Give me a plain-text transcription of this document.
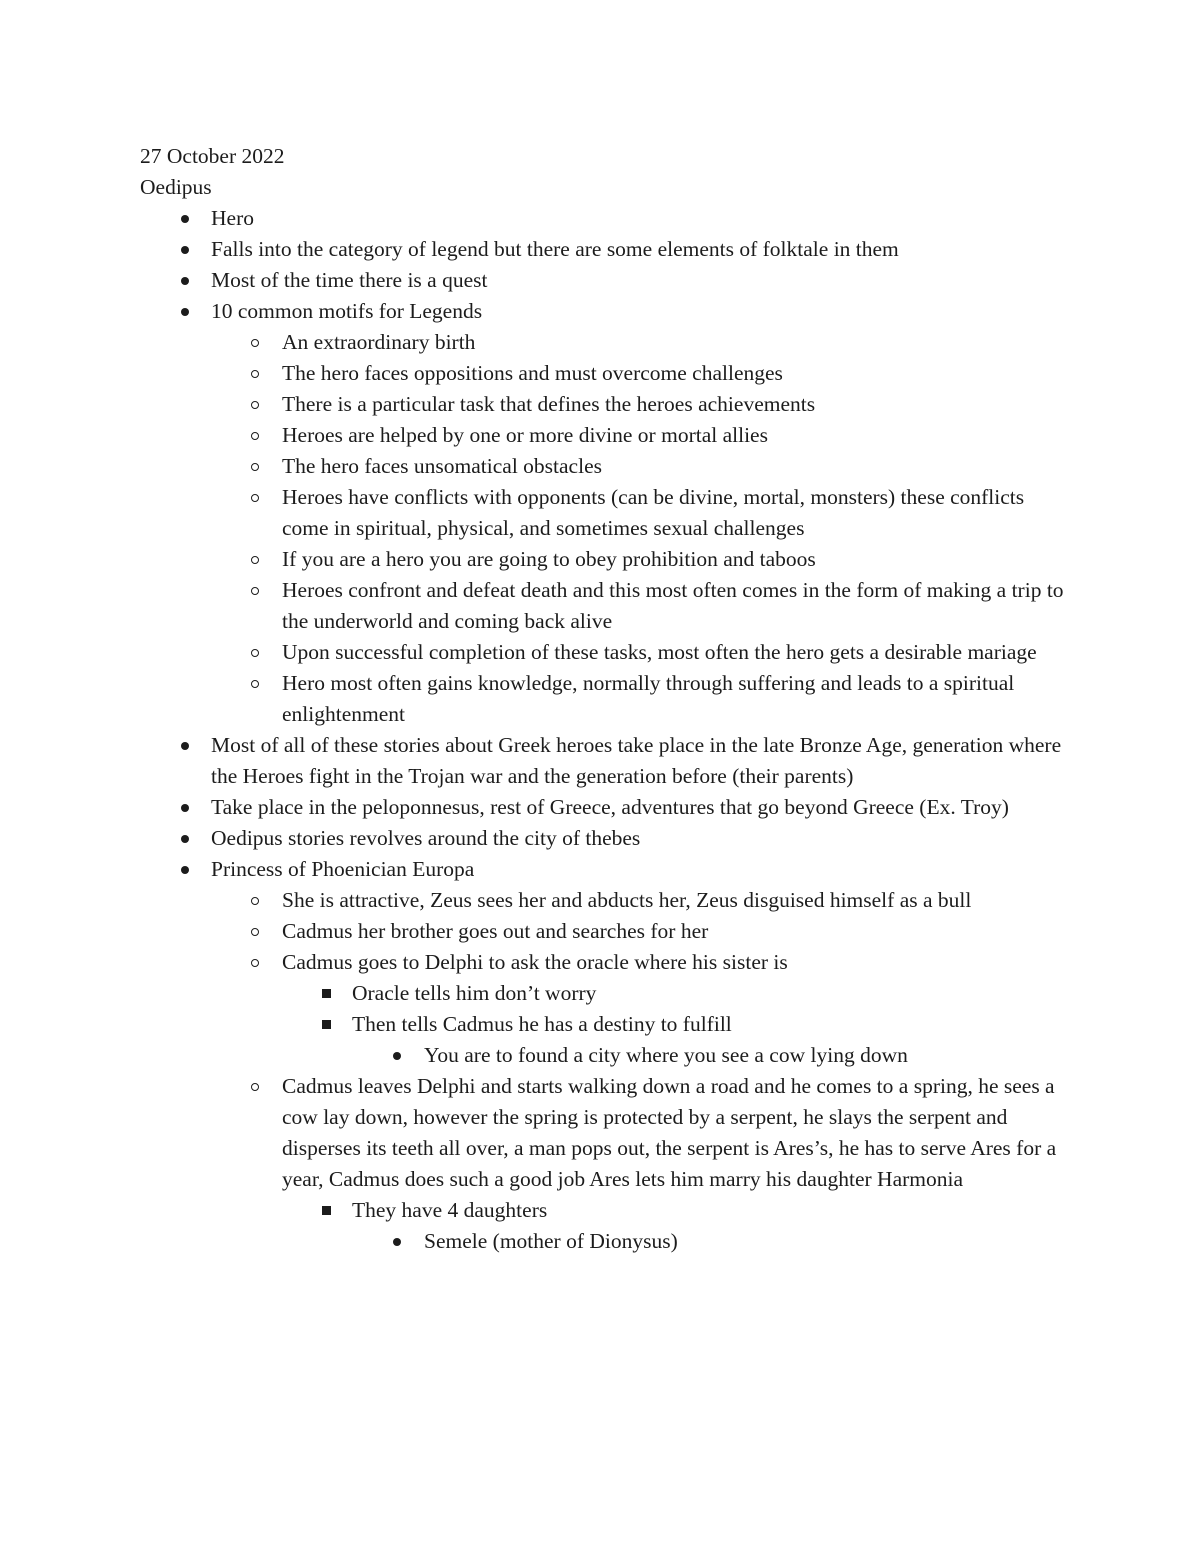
27 October 2022

Oedipus

Hero
Falls into the category of legend but there are some elements of folktale in them
Most of the time there is a quest
10 common motifs for Legends
An extraordinary birth
The hero faces oppositions and must overcome challenges
There is a particular task that defines the heroes achievements
Heroes are helped by one or more divine or mortal allies
The hero faces unsomatical obstacles
Heroes have conflicts with opponents (can be divine, mortal, monsters) these conflicts come in spiritual, physical, and sometimes sexual challenges
If you are a hero you are going to obey prohibition and taboos
Heroes confront and defeat death and this most often comes in the form of making a trip to the underworld and coming back alive
Upon successful completion of these tasks, most often the hero gets a desirable mariage
Hero most often gains knowledge, normally through suffering and leads to a spiritual enlightenment
Most of all of these stories about Greek heroes take place in the late Bronze Age, generation where the Heroes fight in the Trojan war and the generation before (their parents)
Take place in the peloponnesus, rest of Greece, adventures that go beyond Greece (Ex. Troy)
Oedipus stories revolves around the city of thebes
Princess of Phoenician Europa
She is attractive, Zeus sees her and abducts her, Zeus disguised himself as a bull
Cadmus her brother goes out and searches for her
Cadmus goes to Delphi to ask the oracle where his sister is
Oracle tells him don’t worry
Then tells Cadmus he has a destiny to fulfill
You are to found a city where you see a cow lying down
Cadmus leaves Delphi and starts walking down a road and he comes to a spring, he sees a cow lay down, however the spring is protected by a serpent, he slays the serpent and disperses its teeth all over, a man pops out, the serpent is Ares’s, he has to serve Ares for a year, Cadmus does such a good job Ares lets him marry his daughter Harmonia
They have 4 daughters
Semele (mother of Dionysus)
